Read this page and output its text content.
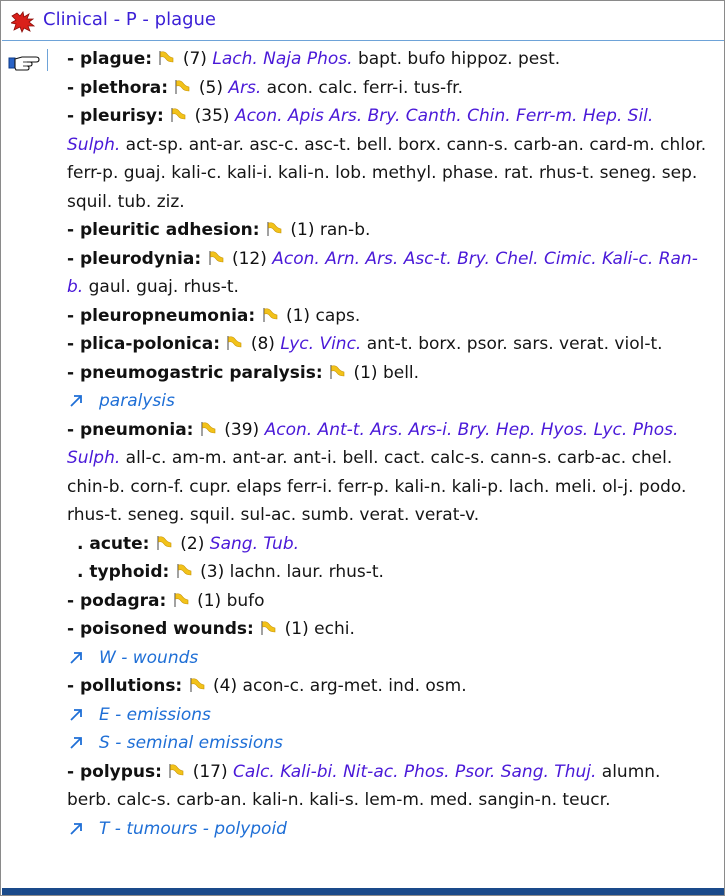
Clinical - P - plague
- plague: (7) Lach. Naja Phos. bapt. bufo hippoz. pest.
- plethora: (5) Ars. acon. calc. ferr-i. tus-fr.
- pleurisy: (35) Acon. Apis Ars. Bry. Canth. Chin. Ferr-m. Hep. Sil. Sulph. act-sp. ant-ar. asc-c. asc-t. bell. borx. cann-s. carb-an. card-m. chlor. ferr-p. guaj. kali-c. kali-i. kali-n. lob. methyl. phase. rat. rhus-t. seneg. sep. squil. tub. ziz.
- pleuritic adhesion: (1) ran-b.
- pleurodynia: (12) Acon. Arn. Ars. Asc-t. Bry. Chel. Cimic. Kali-c. Ran-b. gaul. guaj. rhus-t.
- pleuropneumonia: (1) caps.
- plica-polonica: (8) Lyc. Vinc. ant-t. borx. psor. sars. verat. viol-t.
- pneumogastric paralysis: (1) bell.
paralysis
- pneumonia: (39) Acon. Ant-t. Ars. Ars-i. Bry. Hep. Hyos. Lyc. Phos. Sulph. all-c. am-m. ant-ar. ant-i. bell. cact. calc-s. cann-s. carb-ac. chel. chin-b. corn-f. cupr. elaps ferr-i. ferr-p. kali-n. kali-p. lach. meli. ol-j. podo. rhus-t. seneg. squil. sul-ac. sumb. verat. verat-v.
. acute: (2) Sang. Tub.
. typhoid: (3) lachn. laur. rhus-t.
- podagra: (1) bufo
- poisoned wounds: (1) echi.
W - wounds
- pollutions: (4) acon-c. arg-met. ind. osm.
E - emissions
S - seminal emissions
- polypus: (17) Calc. Kali-bi. Nit-ac. Phos. Psor. Sang. Thuj. alumn. berb. calc-s. carb-an. kali-n. kali-s. lem-m. med. sangin-n. teucr.
T - tumours - polypoid
